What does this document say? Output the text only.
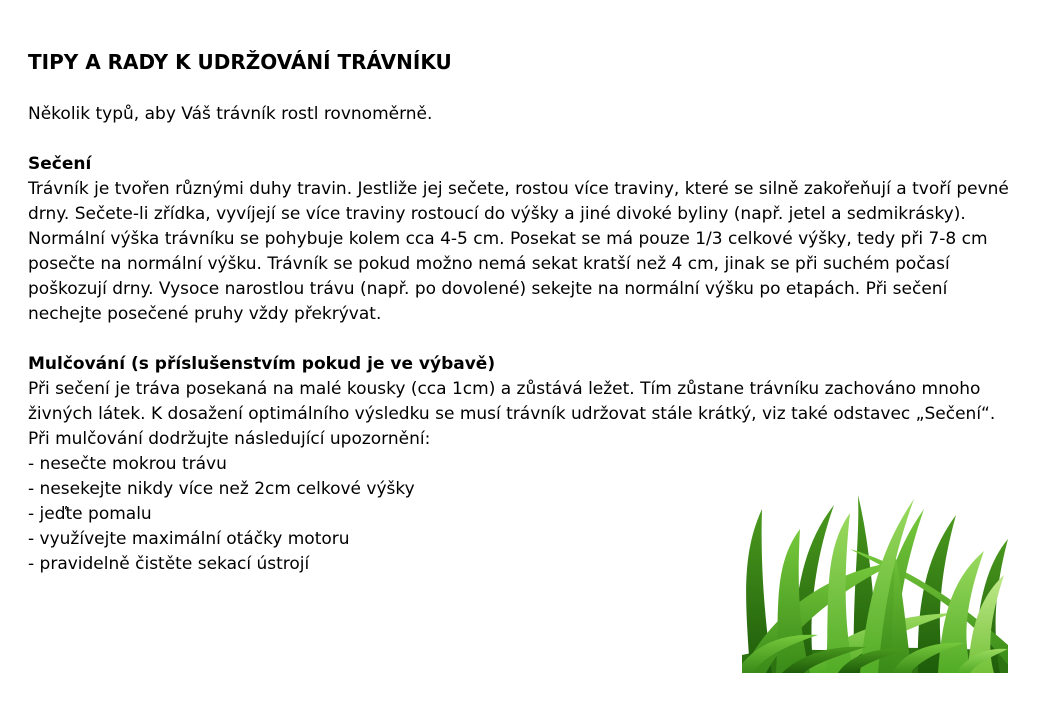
TIPY A RADY K UDRŽOVÁNÍ TRÁVNÍKU
Několik typů, aby Váš trávník rostl rovnoměrně.
Sečení
Trávník je tvořen různými duhy travin. Jestliže jej sečete, rostou více traviny, které se silně zakořeňují a tvoří pevné drny. Sečete-li zřídka, vyvíjejí se více traviny rostoucí do výšky a jiné divoké byliny (např. jetel a sedmikrásky). Normální výška trávníku se pohybuje kolem cca 4-5 cm. Posekat se má pouze 1/3 celkové výšky, tedy při 7-8 cm posečte na normální výšku. Trávník se pokud možno nemá sekat kratší než 4 cm, jinak se při suchém počasí poškozují drny. Vysoce narostlou trávu (např. po dovolené) sekejte na normální výšku po etapách. Při sečení nechejte posečené pruhy vždy překrývat.
Mulčování (s příslušenstvím pokud je ve výbavě)
Při sečení je tráva posekaná na malé kousky (cca 1cm) a zůstává ležet. Tím zůstane trávníku zachováno mnoho živných látek. K dosažení optimálního výsledku se musí trávník udržovat stále krátký, viz také odstavec „Sečení“. Při mulčování dodržujte následující upozornění:
- nesečte mokrou trávu
- nesekejte nikdy více než 2cm celkové výšky
- jeďte pomalu
- využívejte maximální otáčky motoru
- pravidelně čistěte sekací ústrojí
